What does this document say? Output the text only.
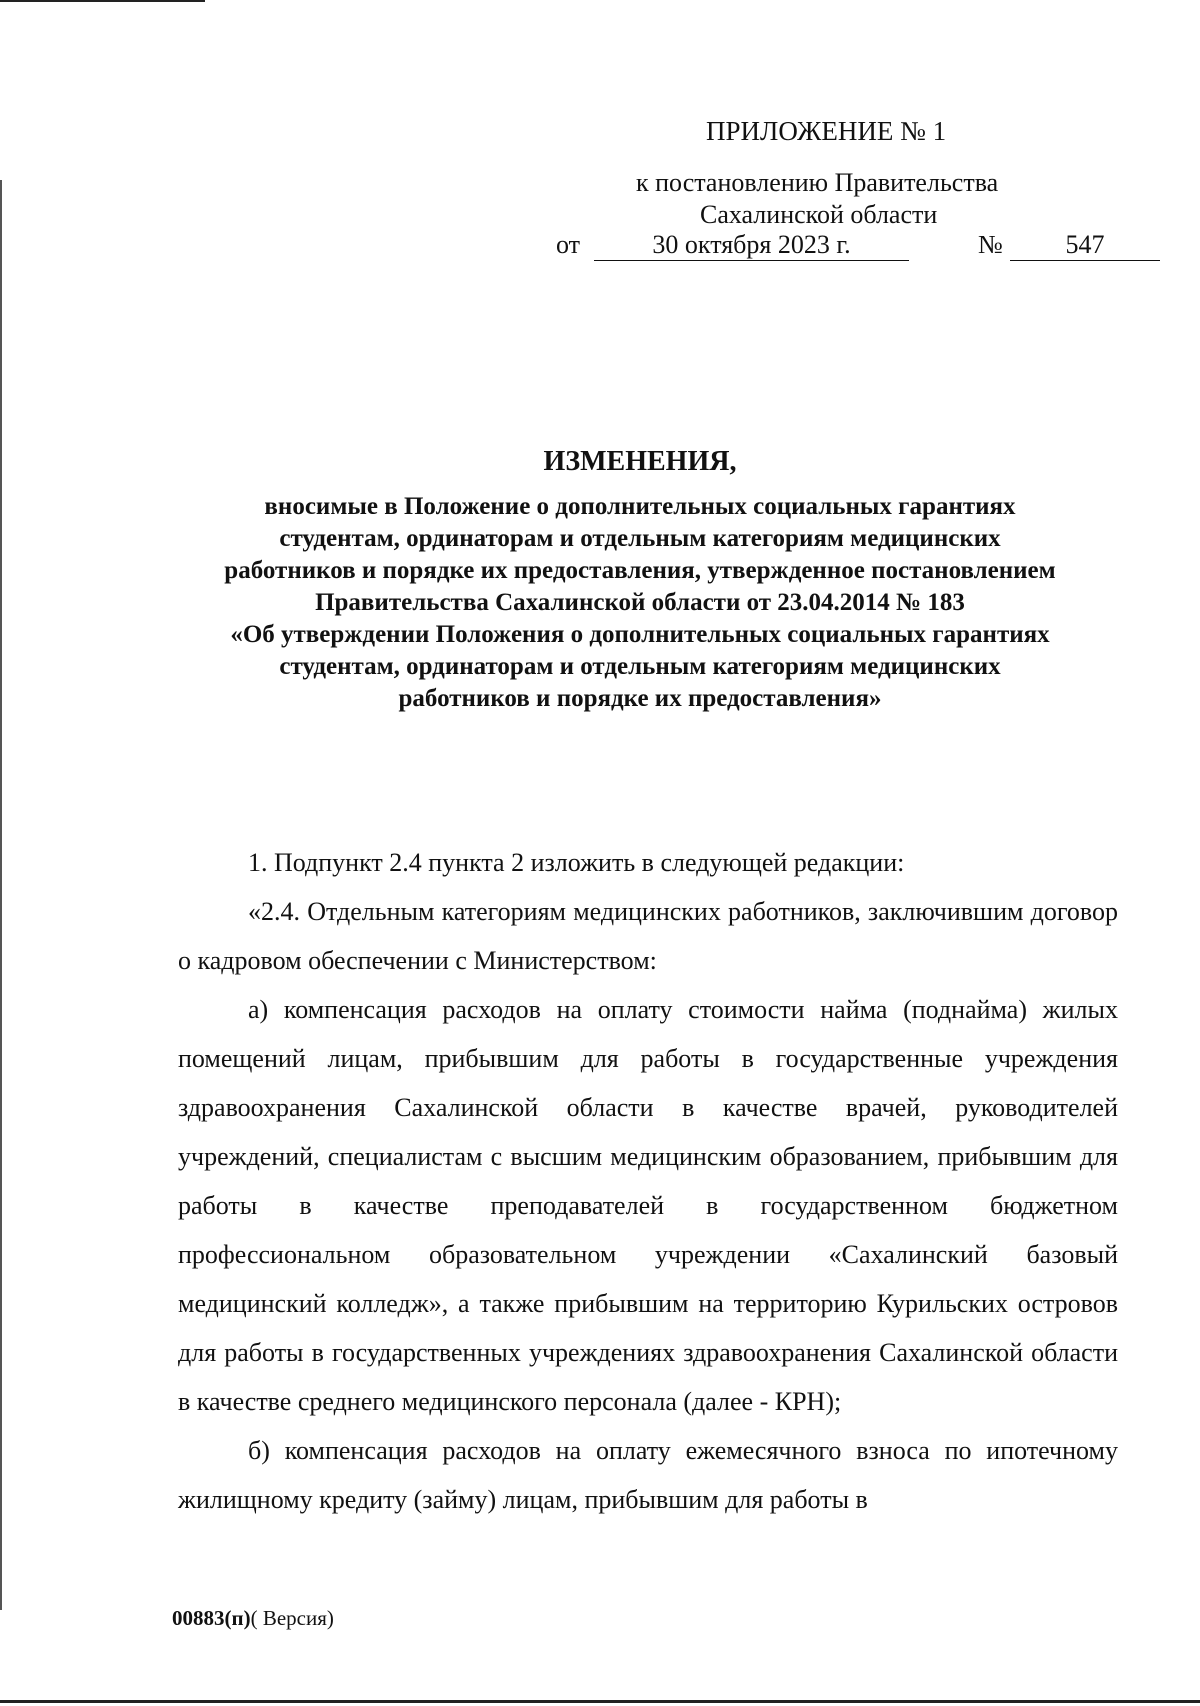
ПРИЛОЖЕНИЕ № 1
к постановлению Правительства
Сахалинской области
от	30 октября 2023 г.	№	547
ИЗМЕНЕНИЯ,
вносимые в Положение о дополнительных социальных гарантиях
студентам, ординаторам и отдельным категориям медицинских
работников и порядке их предоставления, утвержденное постановлением
Правительства Сахалинской области от 23.04.2014 № 183
«Об утверждении Положения о дополнительных социальных гарантиях
студентам, ординаторам и отдельным категориям медицинских
работников и порядке их предоставления»

1. Подпункт 2.4 пункта 2 изложить в следующей редакции:

«2.4. Отдельным категориям медицинских работников, заключившим договор о кадровом обеспечении с Министерством:

а) компенсация расходов на оплату стоимости найма (поднайма) жилых помещений лицам, прибывшим для работы в государственные учреждения здравоохранения Сахалинской области в качестве врачей, руководителей учреждений, специалистам с высшим медицинским образованием, прибывшим для работы в качестве преподавателей в государственном бюджетном профессиональном образовательном учреждении «Сахалинский базовый медицинский колледж», а также прибывшим на территорию Курильских островов для работы в государственных учреждениях здравоохранения Сахалинской области в качестве среднего медицинского персонала (далее - КРН);

б) компенсация расходов на оплату ежемесячного взноса по ипотечному жилищному кредиту (займу) лицам, прибывшим для работы в

00883(п)( Версия)
